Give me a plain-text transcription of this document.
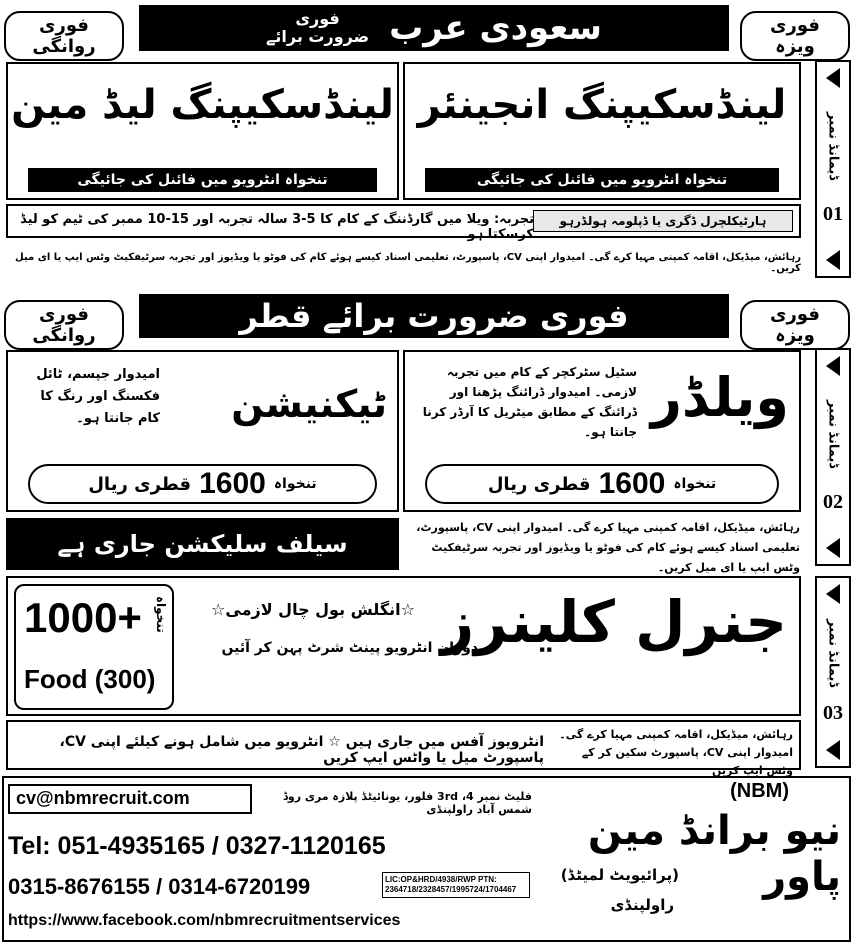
فوری ویزہ
سعودی عرب
فوری
ضرورت برائے
فوری روانگی
ڈیمانڈ نمبر
01
لینڈسکیپنگ انجینئر
تنخواہ انٹرویو میں فائنل کی جائیگی
لینڈسکیپنگ لیڈ مین
تنخواہ انٹرویو میں فائنل کی جائیگی
ہارٹیکلچرل ڈگری یا ڈپلومہ ہولڈرہو
تجربہ: ویلا میں گارڈننگ کے کام کا 5-3 سالہ تجربہ اور 15-10 ممبر کی ٹیم کو لیڈ کرسکتا ہو
رہائش، میڈیکل، اقامہ کمپنی مہیا کرے گی۔ امیدوار اپنی CV، پاسپورٹ، تعلیمی اسناد کیسے ہوئے کام کی فوٹو یا ویڈیوز اور تجربہ سرٹیفکیٹ وٹس ایپ یا ای میل کریں۔
فوری ویزہ
فوری ضرورت برائے قطر
فوری روانگی
ڈیمانڈ نمبر
02
ویلڈر
سٹیل سٹرکچر کے کام میں تجربہ لازمی۔ امیدوار ڈرائنگ پڑھنا اور ڈرائنگ کے مطابق میٹریل کا آرڈر کرنا جانتا ہو۔
تنخواہ
1600
قطری ریال
ٹیکنیشن
امیدوار جپسم، ٹائل فکسنگ اور رنگ کا کام جانتا ہو۔
تنخواہ
1600
قطری ریال
سیلف سلیکشن جاری ہے
رہائش، میڈیکل، اقامہ کمپنی مہیا کرے گی۔ امیدوار اپنی CV، پاسپورٹ، تعلیمی اسناد کیسے ہوئے کام کی فوٹو یا ویڈیوز اور تجربہ سرٹیفکیٹ وٹس ایپ یا ای میل کریں۔
ڈیمانڈ نمبر
03
جنرل کلینرز
☆انگلش بول چال لازمی☆
دوران انٹرویو پینٹ شرٹ پہن کر آئیں
1000+ تنخواہ
Food (300)
رہائش، میڈیکل، اقامہ کمپنی مہیا کرے گی۔ امیدوار اپنی CV، پاسپورٹ سکین کر کے وٹس ایپ کریں
انٹرویوز آفس میں جاری ہیں ☆ انٹرویو میں شامل ہونے کیلئے اپنی CV، پاسپورٹ میل یا واٹس ایپ کریں
cv@nbmrecruit.com	فلیٹ نمبر 4، 3rd فلور، یونائیٹڈ پلازہ مری روڈ شمس آباد راولپنڈی
Tel: 051-4935165 / 0327-1120165
0315-8676155 / 0314-6720199	LIC:OP&HRD/4938/RWP PTN: 2364718/2328457/1995724/1704467
https://www.facebook.com/nbmrecruitmentservices
(NBM)
نیو برانڈ مین پاور
(پرائیویٹ لمیٹڈ)
راولپنڈی
